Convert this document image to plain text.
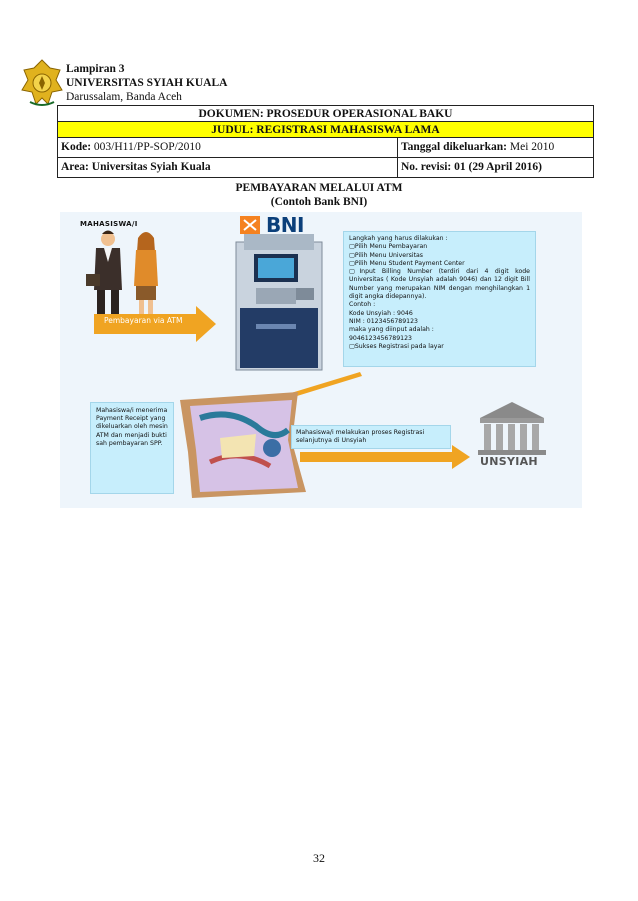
Lampiran 3
UNIVERSITAS SYIAH KUALA
Darussalam, Banda Aceh
DOKUMEN: PROSEDUR OPERASIONAL BAKU
JUDUL: REGISTRASI MAHASISWA LAMA
Kode: 003/H11/PP-SOP/2010	Tanggal dikeluarkan: Mei 2010
Area: Universitas Syiah Kuala	No. revisi: 01 (29 April 2016)
PEMBAYARAN MELALUI ATM
(Contoh Bank BNI)
MAHASISWA/I
Pembayaran via ATM
BNI
Langkah yang harus dilakukan :
▢ Pilih Menu Pembayaran
▢ Pilih Menu Universitas
▢ Pilih Menu Student Payment Center
▢ Input Billing Number (terdiri dari 4 digit kode Universitas ( Kode Unsyiah adalah 9046) dan 12 digit Bill Number yang merupakan NIM dengan menghilangkan 1 digit angka didepannya).
Contoh :
Kode Unsyiah : 9046
NIM : 0123456789123
maka yang diinput adalah :
9046123456789123
▢ Sukses Registrasi pada layar
Mahasiswa/i menerima Payment Receipt yang dikeluarkan oleh mesin ATM dan menjadi bukti sah pembayaran SPP.
Mahasiswa/i melakukan proses Registrasi selanjutnya di Unsyiah
UNSYIAH
32
